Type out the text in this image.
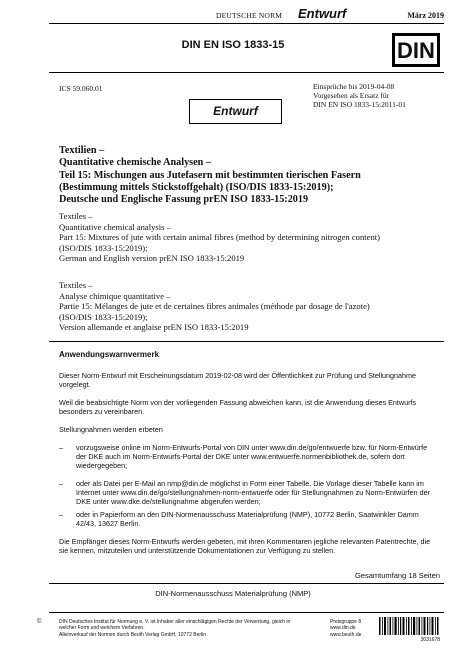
DEUTSCHE NORM Entwurf	März 2019
DIN EN ISO 1833-15	DIN
ICS 59.060.01	Einsprüche bis 2019-04-08
Vorgesehen als Ersatz für
DIN EN ISO 1833-15:2011-01
Entwurf
Textilien –
Quantitative chemische Analysen –
Teil 15: Mischungen aus Jutefasern mit bestimmten tierischen Fasern
(Bestimmung mittels Stickstoffgehalt) (ISO/DIS 1833-15:2019);
Deutsche und Englische Fassung prEN ISO 1833-15:2019
Textiles –
Quantitative chemical analysis –
Part 15: Mixtures of jute with certain animal fibres (method by determining nitrogen content)
(ISO/DIS 1833-15:2019);
German and English version prEN ISO 1833-15:2019
Textiles –
Analyse chimique quantitative –
Partie 15: Mélanges de jute et de certaines fibres animales (méthode par dosage de l'azote)
(ISO/DIS 1833-15:2019);
Version allemande et anglaise prEN ISO 1833-15:2019
Anwendungswarnvermerk
Dieser Norm-Entwurf mit Erscheinungsdatum 2019-02-08 wird der Öffentlichkeit zur Prüfung und Stellungnahme vorgelegt.
Weil die beabsichtigte Norm von der vorliegenden Fassung abweichen kann, ist die Anwendung dieses Entwurfs besonders zu vereinbaren.
Stellungnahmen werden erbeten
– vorzugsweise online im Norm-Entwurfs-Portal von DIN unter www.din.de/go/entwuerfe bzw. für Norm-Entwürfe der DKE auch im Norm-Entwurfs-Portal der DKE unter www.entwuerfe.normenbibliothek.de, sofern dort wiedergegeben;
– oder als Datei per E-Mail an nmp@din.de möglichst in Form einer Tabelle. Die Vorlage dieser Tabelle kann im Internet unter www.din.de/go/stellungnahmen-norm-entwuerfe oder für Stellungnahmen zu Norm-Entwürfen der DKE unter www.dke.de/stellungnahme abgerufen werden;
– oder in Papierform an den DIN-Normenausschuss Materialprüfung (NMP), 10772 Berlin, Saatwinkler Damm 42/43, 13627 Berlin.
Die Empfänger dieses Norm-Entwurfs werden gebeten, mit ihren Kommentaren jegliche relevanten Patentrechte, die sie kennen, mitzuteilen und unterstützende Dokumentationen zur Verfügung zu stellen.
Gesamtumfang 18 Seiten
DIN-Normenausschuss Materialprüfung (NMP)
©	DIN Deutsches Institut für Normung e. V. ist Inhaber aller einschlägigen Rechte der Verwertung, gleich in
welcher Form und welchem Verfahren.
Alleinverkauf der Normen durch Beuth Verlag GmbH, 10772 Berlin
Preisgruppe 8
www.din.de
www.beuth.de
3031678
